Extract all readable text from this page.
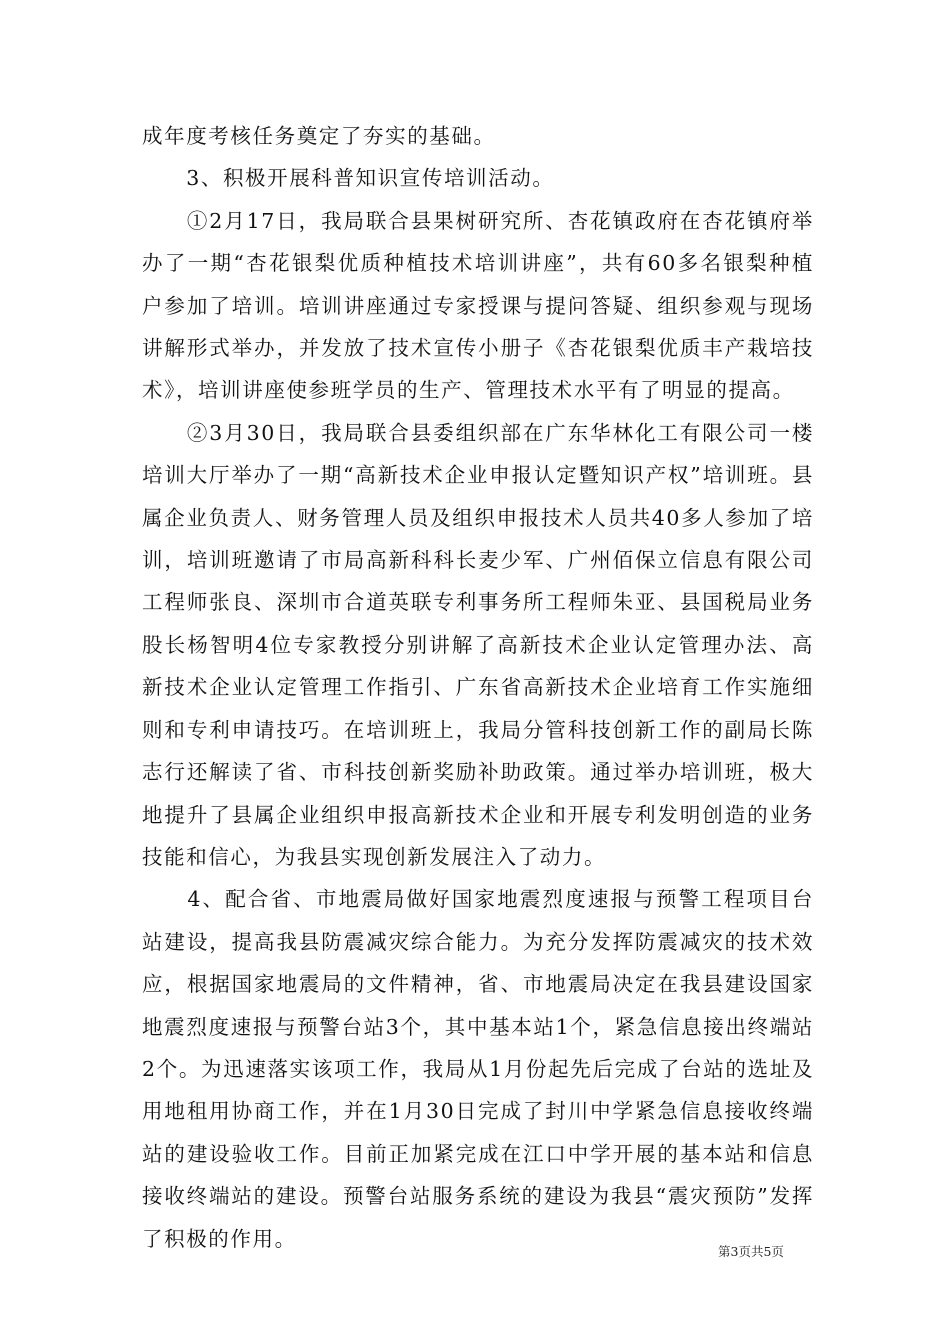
成年度考核任务奠定了夯实的基础。

　　3、积极开展科普知识宣传培训活动。

　　①2月17日，我局联合县果树研究所、杏花镇政府在杏花镇府举办了一期“杏花银梨优质种植技术培训讲座”，共有60多名银梨种植户参加了培训。培训讲座通过专家授课与提问答疑、组织参观与现场讲解形式举办，并发放了技术宣传小册子《杏花银梨优质丰产栽培技术》，培训讲座使参班学员的生产、管理技术水平有了明显的提高。

　　②3月30日，我局联合县委组织部在广东华林化工有限公司一楼培训大厅举办了一期“高新技术企业申报认定暨知识产权”培训班。县属企业负责人、财务管理人员及组织申报技术人员共40多人参加了培训，培训班邀请了市局高新科科长麦少军、广州佰保立信息有限公司工程师张良、深圳市合道英联专利事务所工程师朱亚、县国税局业务股长杨智明4位专家教授分别讲解了高新技术企业认定管理办法、高新技术企业认定管理工作指引、广东省高新技术企业培育工作实施细则和专利申请技巧。在培训班上，我局分管科技创新工作的副局长陈志行还解读了省、市科技创新奖励补助政策。通过举办培训班，极大地提升了县属企业组织申报高新技术企业和开展专利发明创造的业务技能和信心，为我县实现创新发展注入了动力。

　　4、配合省、市地震局做好国家地震烈度速报与预警工程项目台站建设，提高我县防震减灾综合能力。为充分发挥防震减灾的技术效应，根据国家地震局的文件精神，省、市地震局决定在我县建设国家地震烈度速报与预警台站3个，其中基本站1个，紧急信息接出终端站2个。为迅速落实该项工作，我局从1月份起先后完成了台站的选址及用地租用协商工作，并在1月30日完成了封川中学紧急信息接收终端站的建设验收工作。目前正加紧完成在江口中学开展的基本站和信息接收终端站的建设。预警台站服务系统的建设为我县“震灾预防”发挥了积极的作用。

第3页共5页
